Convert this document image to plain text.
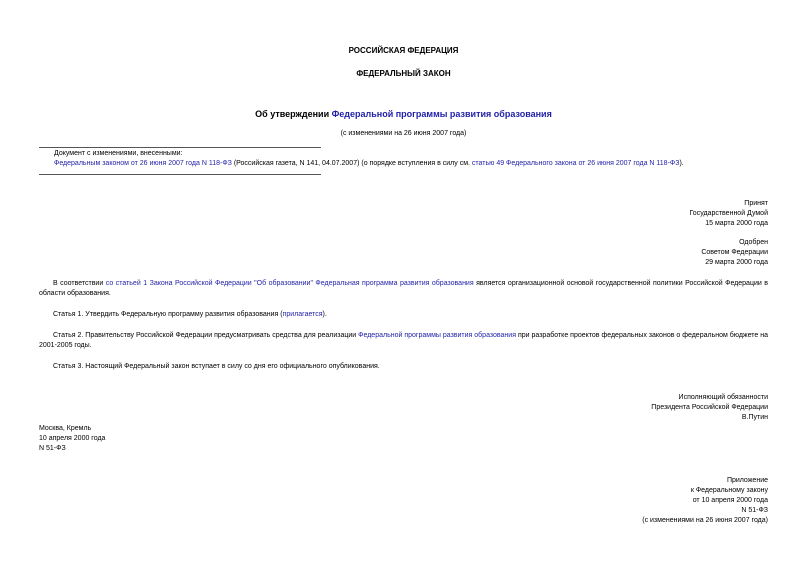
РОССИЙСКАЯ ФЕДЕРАЦИЯ
ФЕДЕРАЛЬНЫЙ ЗАКОН
Об утверждении Федеральной программы развития образования
(с изменениями на 26 июня 2007 года)
Документ с изменениями, внесенными:
Федеральным законом от 26 июня 2007 года N 118-ФЗ (Российская газета, N 141, 04.07.2007) (о порядке вступления в силу см. статью 49 Федерального закона от 26 июня 2007 года N 118-ФЗ).
Принят
Государственной Думой
15 марта 2000 года
Одобрен
Советом Федерации
29 марта 2000 года
В соответствии со статьей 1 Закона Российской Федерации "Об образовании" Федеральная программа развития образования является организационной основой государственной политики Российской Федерации в области образования.
Статья 1. Утвердить Федеральную программу развития образования (прилагается).
Статья 2. Правительству Российской Федерации предусматривать средства для реализации Федеральной программы развития образования при разработке проектов федеральных законов о федеральном бюджете на 2001-2005 годы.
Статья 3. Настоящий Федеральный закон вступает в силу со дня его официального опубликования.
Исполняющий обязанности
Президента Российской Федерации
В.Путин
Москва, Кремль
10 апреля 2000 года
N 51-ФЗ
Приложение
к Федеральному закону
от 10 апреля 2000 года
N 51-ФЗ
(с изменениями на 26 июня 2007 года)
